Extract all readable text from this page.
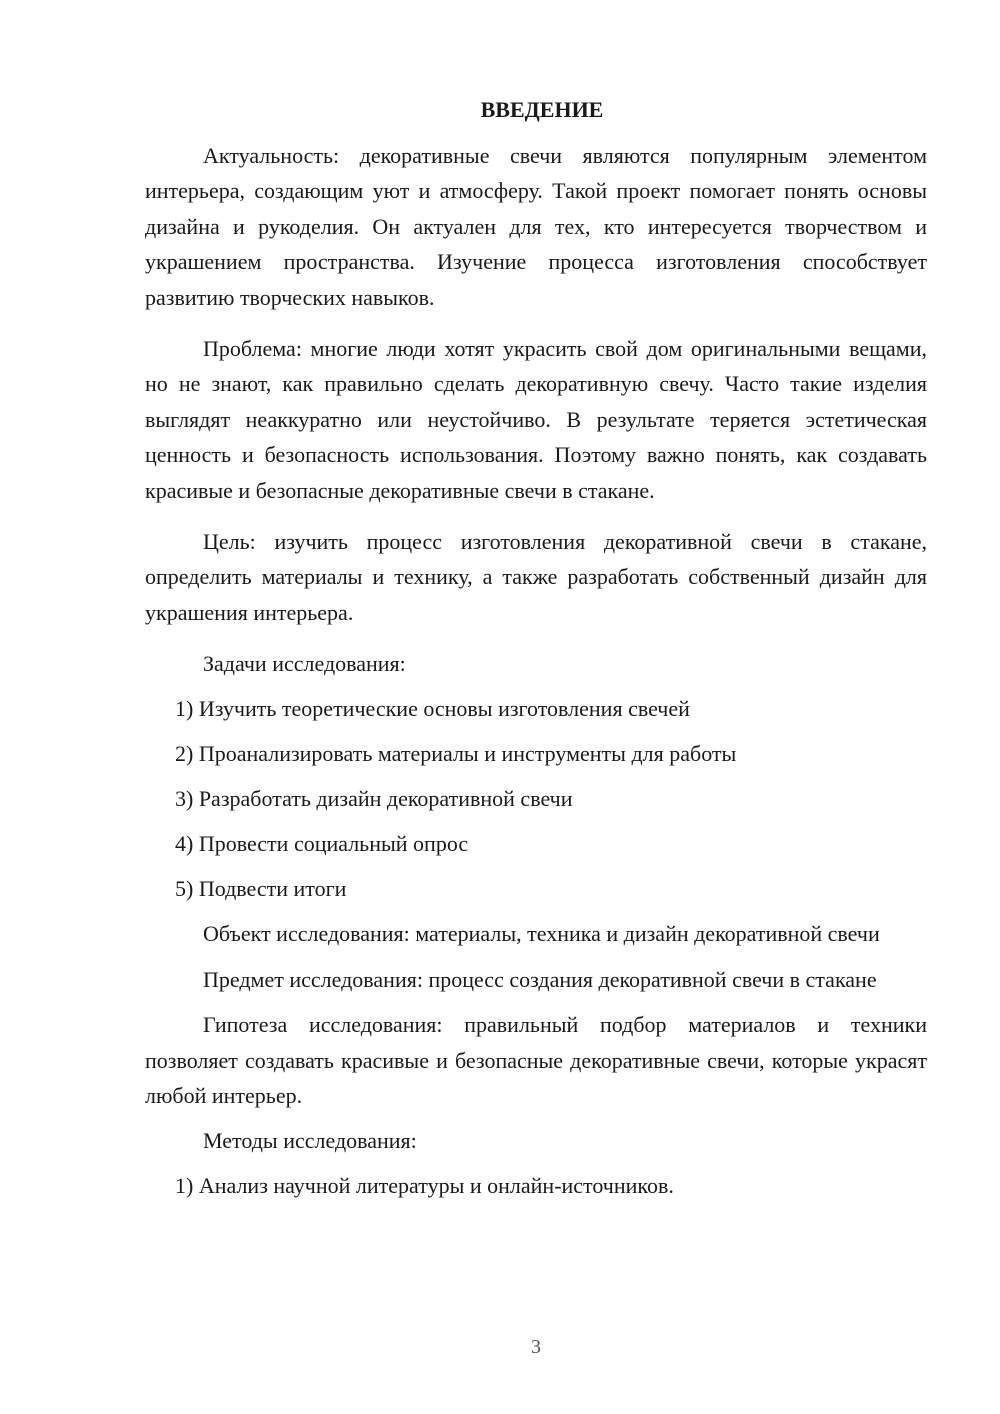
ВВЕДЕНИЕ

Актуальность: декоративные свечи являются популярным элементом интерьера, создающим уют и атмосферу. Такой проект помогает понять основы дизайна и рукоделия. Он актуален для тех, кто интересуется творчеством и украшением пространства. Изучение процесса изготовления способствует развитию творческих навыков.

Проблема: многие люди хотят украсить свой дом оригинальными вещами, но не знают, как правильно сделать декоративную свечу. Часто такие изделия выглядят неаккуратно или неустойчиво. В результате теряется эстетическая ценность и безопасность использования. Поэтому важно понять, как создавать красивые и безопасные декоративные свечи в стакане.

Цель: изучить процесс изготовления декоративной свечи в стакане, определить материалы и технику, а также разработать собственный дизайн для украшения интерьера.

Задачи исследования:

1) Изучить теоретические основы изготовления свечей

2) Проанализировать материалы и инструменты для работы

3) Разработать дизайн декоративной свечи

4) Провести социальный опрос

5) Подвести итоги

Объект исследования: материалы, техника и дизайн декоративной свечи

Предмет исследования: процесс создания декоративной свечи в стакане

Гипотеза исследования: правильный подбор материалов и техники позволяет создавать красивые и безопасные декоративные свечи, которые украсят любой интерьер.

Методы исследования:

1) Анализ научной литературы и онлайн-источников.

3
